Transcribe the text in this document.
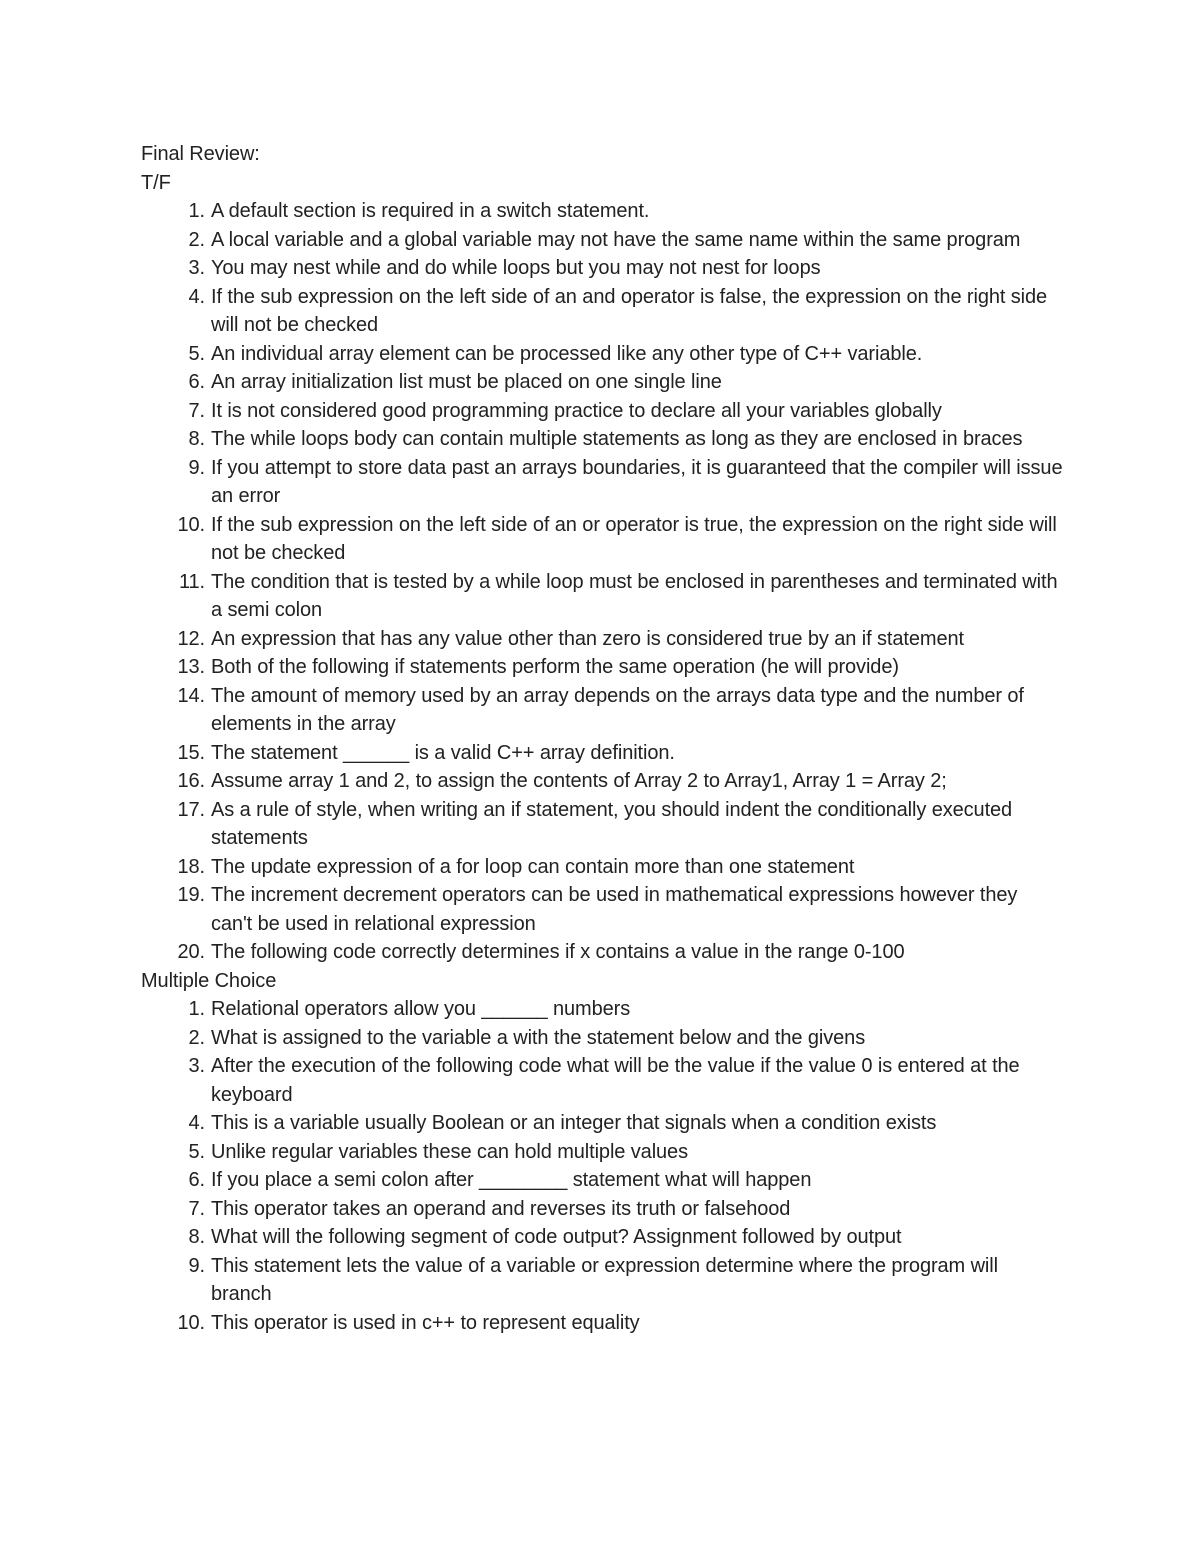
Final Review:

T/F

1. A default section is required in a switch statement.
2. A local variable and a global variable may not have the same name within the same program
3. You may nest while and do while loops but you may not nest for loops
4. If the sub expression on the left side of an and operator is false, the expression on the right side will not be checked
5. An individual array element can be processed like any other type of C++ variable.
6. An array initialization list must be placed on one single line
7. It is not considered good programming practice to declare all your variables globally
8. The while loops body can contain multiple statements as long as they are enclosed in braces
9. If you attempt to store data past an arrays boundaries, it is guaranteed that the compiler will issue an error
10. If the sub expression on the left side of an or operator is true, the expression on the right side will not be checked
11. The condition that is tested by a while loop must be enclosed in parentheses and terminated with a semi colon
12. An expression that has any value other than zero is considered true by an if statement
13. Both of the following if statements perform the same operation (he will provide)
14. The amount of memory used by an array depends on the arrays data type and the number of elements in the array
15. The statement ______ is a valid C++ array definition.
16. Assume array 1 and 2, to assign the contents of Array 2 to Array1, Array 1 = Array 2;
17. As a rule of style, when writing an if statement, you should indent the conditionally executed statements
18. The update expression of a for loop can contain more than one statement
19. The increment decrement operators can be used in mathematical expressions however they can't be used in relational expression
20. The following code correctly determines if x contains a value in the range 0-100

Multiple Choice

1. Relational operators allow you ______ numbers
2. What is assigned to the variable a with the statement below and the givens
3. After the execution of the following code what will be the value if the value 0 is entered at the keyboard
4. This is a variable usually Boolean or an integer that signals when a condition exists
5. Unlike regular variables these can hold multiple values
6. If you place a semi colon after ________ statement what will happen
7. This operator takes an operand and reverses its truth or falsehood
8. What will the following segment of code output? Assignment followed by output
9. This statement lets the value of a variable or expression determine where the program will branch
10. This operator is used in c++ to represent equality
